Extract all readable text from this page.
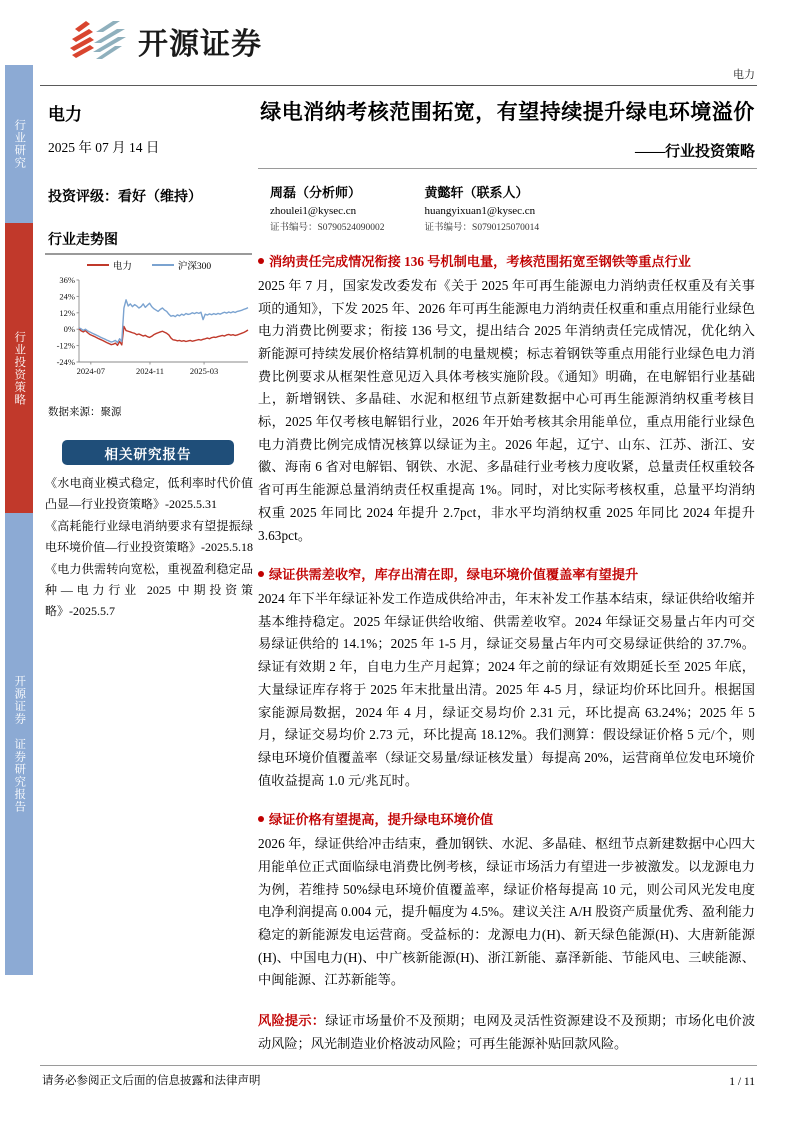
行业研究
行业投资策略
开源证券 证券研究报告
开源证券
电力
绿电消纳考核范围拓宽，有望持续提升绿电环境溢价
——行业投资策略
电力
2025 年 07 月 14 日
投资评级：看好（维持）
行业走势图
周磊（分析师）
zhoulei1@kysec.cn
证书编号：S0790524090002
黄懿轩（联系人）
huangyixuan1@kysec.cn
证书编号：S0790125070014
电力	沪深300
36%
24%
12%
0%
-12%
-24%
2024-07	2024-11	2025-03
数据来源：聚源
相关研究报告

《水电商业模式稳定，低利率时代价值凸显—行业投资策略》-2025.5.31

《高耗能行业绿电消纳要求有望提振绿电环境价值—行业投资策略》-2025.5.18

《电力供需转向宽松，重视盈利稳定品种—电力行业 2025 中期投资策略》-2025.5.7

消纳责任完成情况衔接 136 号机制电量，考核范围拓宽至钢铁等重点行业

2025 年 7 月，国家发改委发布《关于 2025 年可再生能源电力消纳责任权重及有关事项的通知》，下发 2025 年、2026 年可再生能源电力消纳责任权重和重点用能行业绿色电力消费比例要求；衔接 136 号文，提出结合 2025 年消纳责任完成情况，优化纳入新能源可持续发展价格结算机制的电量规模；标志着钢铁等重点用能行业绿色电力消费比例要求从框架性意见迈入具体考核实施阶段。《通知》明确，在电解铝行业基础上，新增钢铁、多晶硅、水泥和枢纽节点新建数据中心可再生能源消纳权重考核目标，2025 年仅考核电解铝行业，2026 年开始考核其余用能单位，重点用能行业绿色电力消费比例完成情况核算以绿证为主。2026 年起，辽宁、山东、江苏、浙江、安徽、海南 6 省对电解铝、钢铁、水泥、多晶硅行业考核力度收紧，总量责任权重较各省可再生能源总量消纳责任权重提高 1%。同时，对比实际考核权重，总量平均消纳权重 2025 年同比 2024 年提升 2.7pct，非水平均消纳权重 2025 年同比 2024 年提升 3.63pct。

绿证供需差收窄，库存出清在即，绿电环境价值覆盖率有望提升

2024 年下半年绿证补发工作造成供给冲击，年末补发工作基本结束，绿证供给收缩并基本维持稳定。2025 年绿证供给收缩、供需差收窄。2024 年绿证交易量占年内可交易绿证供给的 14.1%；2025 年 1-5 月，绿证交易量占年内可交易绿证供给的 37.7%。绿证有效期 2 年，自电力生产月起算；2024 年之前的绿证有效期延长至 2025 年底，大量绿证库存将于 2025 年末批量出清。2025 年 4-5 月，绿证均价环比回升。根据国家能源局数据，2024 年 4 月，绿证交易均价 2.31 元，环比提高 63.24%；2025 年 5 月，绿证交易均价 2.73 元，环比提高 18.12%。我们测算：假设绿证价格 5 元/个，则绿电环境价值覆盖率（绿证交易量/绿证核发量）每提高 20%，运营商单位发电环境价值收益提高 1.0 元/兆瓦时。

绿证价格有望提高，提升绿电环境价值

2026 年，绿证供给冲击结束，叠加钢铁、水泥、多晶硅、枢纽节点新建数据中心四大用能单位正式面临绿电消费比例考核，绿证市场活力有望进一步被激发。以龙源电力为例，若维持 50%绿电环境价值覆盖率，绿证价格每提高 10 元，则公司风光发电度电净利润提高 0.004 元，提升幅度为 4.5%。建议关注 A/H 股资产质量优秀、盈利能力稳定的新能源发电运营商。受益标的：龙源电力(H)、新天绿色能源(H)、大唐新能源(H)、中国电力(H)、中广核新能源(H)、浙江新能、嘉泽新能、节能风电、三峡能源、中闽能源、江苏新能等。

风险提示：绿证市场量价不及预期；电网及灵活性资源建设不及预期；市场化电价波动风险；风光制造业价格波动风险；可再生能源补贴回款风险。

请务必参阅正文后面的信息披露和法律声明	1 / 11
